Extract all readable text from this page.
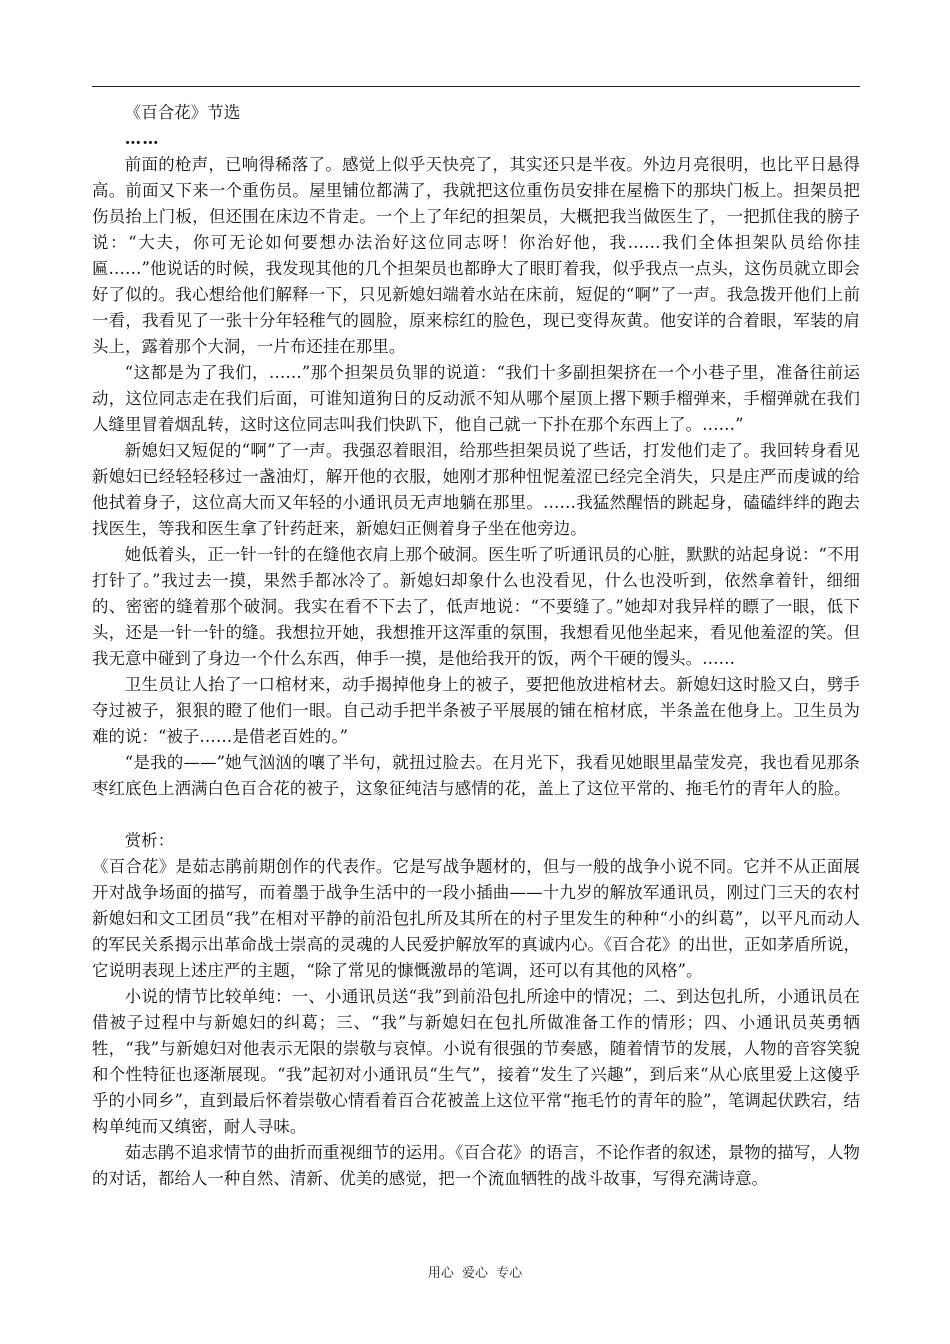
《百合花》节选

……

前面的枪声，已响得稀落了。感觉上似乎天快亮了，其实还只是半夜。外边月亮很明，也比平日悬得高。前面又下来一个重伤员。屋里铺位都满了，我就把这位重伤员安排在屋檐下的那块门板上。担架员把伤员抬上门板，但还围在床边不肯走。一个上了年纪的担架员，大概把我当做医生了，一把抓住我的膀子说：“大夫，你可无论如何要想办法治好这位同志呀！你治好他，我……我们全体担架队员给你挂匾……”他说话的时候，我发现其他的几个担架员也都睁大了眼盯着我，似乎我点一点头，这伤员就立即会好了似的。我心想给他们解释一下，只见新媳妇端着水站在床前，短促的“啊”了一声。我急拨开他们上前一看，我看见了一张十分年轻稚气的圆脸，原来棕红的脸色，现已变得灰黄。他安详的合着眼，军装的肩头上，露着那个大洞，一片布还挂在那里。

“这都是为了我们，……”那个担架员负罪的说道：“我们十多副担架挤在一个小巷子里，准备往前运动，这位同志走在我们后面，可谁知道狗日的反动派不知从哪个屋顶上撂下颗手榴弹来，手榴弹就在我们人缝里冒着烟乱转，这时这位同志叫我们快趴下，他自己就一下扑在那个东西上了。……”

新媳妇又短促的“啊”了一声。我强忍着眼泪，给那些担架员说了些话，打发他们走了。我回转身看见新媳妇已经轻轻移过一盏油灯，解开他的衣服，她刚才那种忸怩羞涩已经完全消失，只是庄严而虔诚的给他拭着身子，这位高大而又年轻的小通讯员无声地躺在那里。……我猛然醒悟的跳起身，磕磕绊绊的跑去找医生，等我和医生拿了针药赶来，新媳妇正侧着身子坐在他旁边。

她低着头，正一针一针的在缝他衣肩上那个破洞。医生听了听通讯员的心脏，默默的站起身说：“不用打针了。”我过去一摸，果然手都冰冷了。新媳妇却象什么也没看见，什么也没听到，依然拿着针，细细的、密密的缝着那个破洞。我实在看不下去了，低声地说：“不要缝了。”她却对我异样的瞟了一眼，低下头，还是一针一针的缝。我想拉开她，我想推开这浑重的氛围，我想看见他坐起来，看见他羞涩的笑。但我无意中碰到了身边一个什么东西，伸手一摸，是他给我开的饭，两个干硬的馒头。……

卫生员让人抬了一口棺材来，动手揭掉他身上的被子，要把他放进棺材去。新媳妇这时脸又白，劈手夺过被子，狠狠的瞪了他们一眼。自己动手把半条被子平展展的铺在棺材底，半条盖在他身上。卫生员为难的说：“被子……是借老百姓的。”

“是我的——”她气汹汹的嚷了半句，就扭过脸去。在月光下，我看见她眼里晶莹发亮，我也看见那条枣红底色上洒满白色百合花的被子，这象征纯洁与感情的花，盖上了这位平常的、拖毛竹的青年人的脸。

赏析：

《百合花》是茹志鹃前期创作的代表作。它是写战争题材的，但与一般的战争小说不同。它并不从正面展开对战争场面的描写，而着墨于战争生活中的一段小插曲——十九岁的解放军通讯员，刚过门三天的农村新媳妇和文工团员“我”在相对平静的前沿包扎所及其所在的村子里发生的种种“小的纠葛”，以平凡而动人的军民关系揭示出革命战士崇高的灵魂的人民爱护解放军的真诚内心。《百合花》的出世，正如茅盾所说，它说明表现上述庄严的主题，“除了常见的慷慨激昂的笔调，还可以有其他的风格”。

小说的情节比较单纯：一、小通讯员送“我”到前沿包扎所途中的情况；二、到达包扎所，小通讯员在借被子过程中与新媳妇的纠葛；三、“我”与新媳妇在包扎所做准备工作的情形；四、小通讯员英勇牺牲，“我”与新媳妇对他表示无限的崇敬与哀悼。小说有很强的节奏感，随着情节的发展，人物的音容笑貌和个性特征也逐渐展现。“我”起初对小通讯员“生气”，接着“发生了兴趣”，到后来“从心底里爱上这傻乎乎的小同乡”，直到最后怀着崇敬心情看着百合花被盖上这位平常“拖毛竹的青年的脸”，笔调起伏跌宕，结构单纯而又缜密，耐人寻味。

茹志鹃不追求情节的曲折而重视细节的运用。《百合花》的语言，不论作者的叙述，景物的描写，人物的对话，都给人一种自然、清新、优美的感觉，把一个流血牺牲的战斗故事，写得充满诗意。

用心 爱心 专心
